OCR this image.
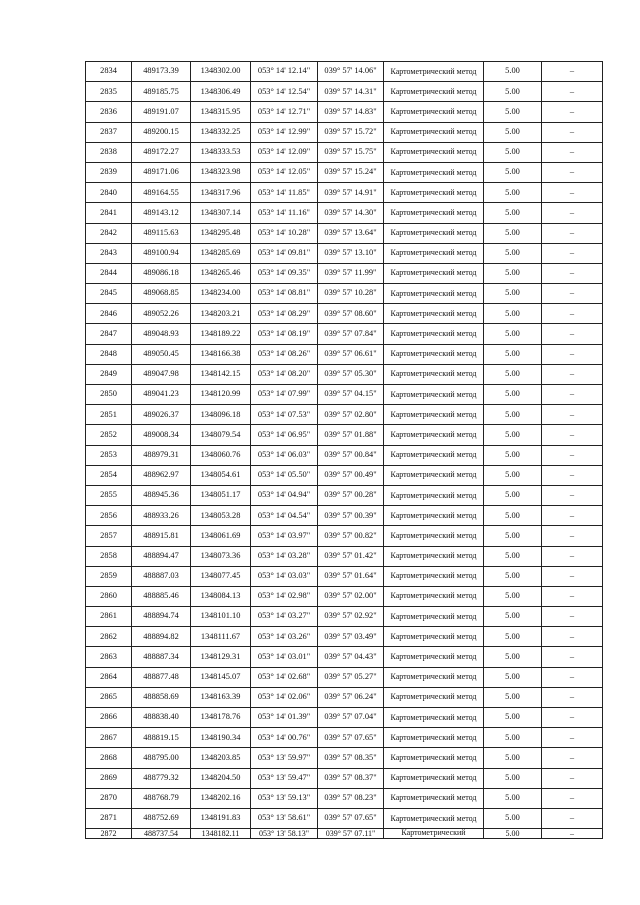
2834	489173.39	1348302.00	053° 14' 12.14"	039° 57' 14.06"	Картометрический метод	5.00	–
2835	489185.75	1348306.49	053° 14' 12.54"	039° 57' 14.31"	Картометрический метод	5.00	–
2836	489191.07	1348315.95	053° 14' 12.71"	039° 57' 14.83"	Картометрический метод	5.00	–
2837	489200.15	1348332.25	053° 14' 12.99"	039° 57' 15.72"	Картометрический метод	5.00	–
2838	489172.27	1348333.53	053° 14' 12.09"	039° 57' 15.75"	Картометрический метод	5.00	–
2839	489171.06	1348323.98	053° 14' 12.05"	039° 57' 15.24"	Картометрический метод	5.00	–
2840	489164.55	1348317.96	053° 14' 11.85"	039° 57' 14.91"	Картометрический метод	5.00	–
2841	489143.12	1348307.14	053° 14' 11.16"	039° 57' 14.30"	Картометрический метод	5.00	–
2842	489115.63	1348295.48	053° 14' 10.28"	039° 57' 13.64"	Картометрический метод	5.00	–
2843	489100.94	1348285.69	053° 14' 09.81"	039° 57' 13.10"	Картометрический метод	5.00	–
2844	489086.18	1348265.46	053° 14' 09.35"	039° 57' 11.99"	Картометрический метод	5.00	–
2845	489068.85	1348234.00	053° 14' 08.81"	039° 57' 10.28"	Картометрический метод	5.00	–
2846	489052.26	1348203.21	053° 14' 08.29"	039° 57' 08.60"	Картометрический метод	5.00	–
2847	489048.93	1348189.22	053° 14' 08.19"	039° 57' 07.84"	Картометрический метод	5.00	–
2848	489050.45	1348166.38	053° 14' 08.26"	039° 57' 06.61"	Картометрический метод	5.00	–
2849	489047.98	1348142.15	053° 14' 08.20"	039° 57' 05.30"	Картометрический метод	5.00	–
2850	489041.23	1348120.99	053° 14' 07.99"	039° 57' 04.15"	Картометрический метод	5.00	–
2851	489026.37	1348096.18	053° 14' 07.53"	039° 57' 02.80"	Картометрический метод	5.00	–
2852	489008.34	1348079.54	053° 14' 06.95"	039° 57' 01.88"	Картометрический метод	5.00	–
2853	488979.31	1348060.76	053° 14' 06.03"	039° 57' 00.84"	Картометрический метод	5.00	–
2854	488962.97	1348054.61	053° 14' 05.50"	039° 57' 00.49"	Картометрический метод	5.00	–
2855	488945.36	1348051.17	053° 14' 04.94"	039° 57' 00.28"	Картометрический метод	5.00	–
2856	488933.26	1348053.28	053° 14' 04.54"	039° 57' 00.39"	Картометрический метод	5.00	–
2857	488915.81	1348061.69	053° 14' 03.97"	039° 57' 00.82"	Картометрический метод	5.00	–
2858	488894.47	1348073.36	053° 14' 03.28"	039° 57' 01.42"	Картометрический метод	5.00	–
2859	488887.03	1348077.45	053° 14' 03.03"	039° 57' 01.64"	Картометрический метод	5.00	–
2860	488885.46	1348084.13	053° 14' 02.98"	039° 57' 02.00"	Картометрический метод	5.00	–
2861	488894.74	1348101.10	053° 14' 03.27"	039° 57' 02.92"	Картометрический метод	5.00	–
2862	488894.82	1348111.67	053° 14' 03.26"	039° 57' 03.49"	Картометрический метод	5.00	–
2863	488887.34	1348129.31	053° 14' 03.01"	039° 57' 04.43"	Картометрический метод	5.00	–
2864	488877.48	1348145.07	053° 14' 02.68"	039° 57' 05.27"	Картометрический метод	5.00	–
2865	488858.69	1348163.39	053° 14' 02.06"	039° 57' 06.24"	Картометрический метод	5.00	–
2866	488838.40	1348178.76	053° 14' 01.39"	039° 57' 07.04"	Картометрический метод	5.00	–
2867	488819.15	1348190.34	053° 14' 00.76"	039° 57' 07.65"	Картометрический метод	5.00	–
2868	488795.00	1348203.85	053° 13' 59.97"	039° 57' 08.35"	Картометрический метод	5.00	–
2869	488779.32	1348204.50	053° 13' 59.47"	039° 57' 08.37"	Картометрический метод	5.00	–
2870	488768.79	1348202.16	053° 13' 59.13"	039° 57' 08.23"	Картометрический метод	5.00	–
2871	488752.69	1348191.83	053° 13' 58.61"	039° 57' 07.65"	Картометрический метод	5.00	–
2872	488737.54	1348182.11	053° 13' 58.13"	039° 57' 07.11"	Картометрический	5.00	–
